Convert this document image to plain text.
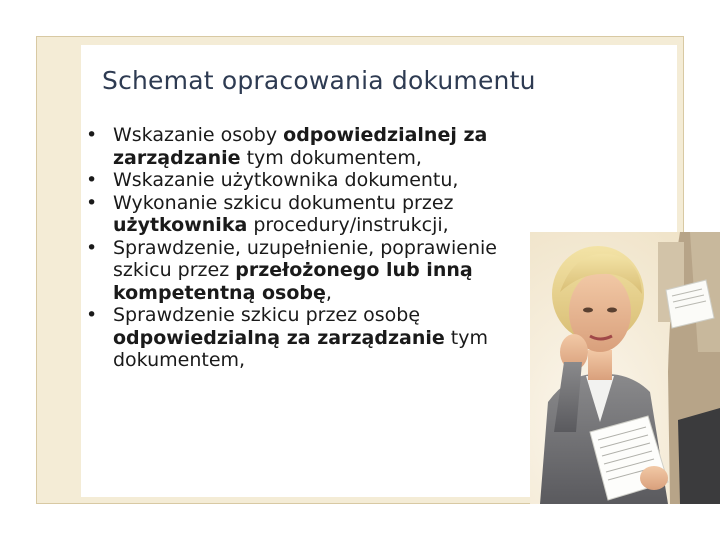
Schemat opracowania dokumentu
• Wskazanie osoby odpowiedzialnej za zarządzanie tym dokumentem,
• Wskazanie użytkownika dokumentu,
• Wykonanie szkicu dokumentu przez użytkownika procedury/instrukcji,
• Sprawdzenie, uzupełnienie, poprawienie szkicu przez przełożonego lub inną kompetentną osobę,
• Sprawdzenie szkicu przez osobę odpowiedzialną za zarządzanie tym dokumentem,
